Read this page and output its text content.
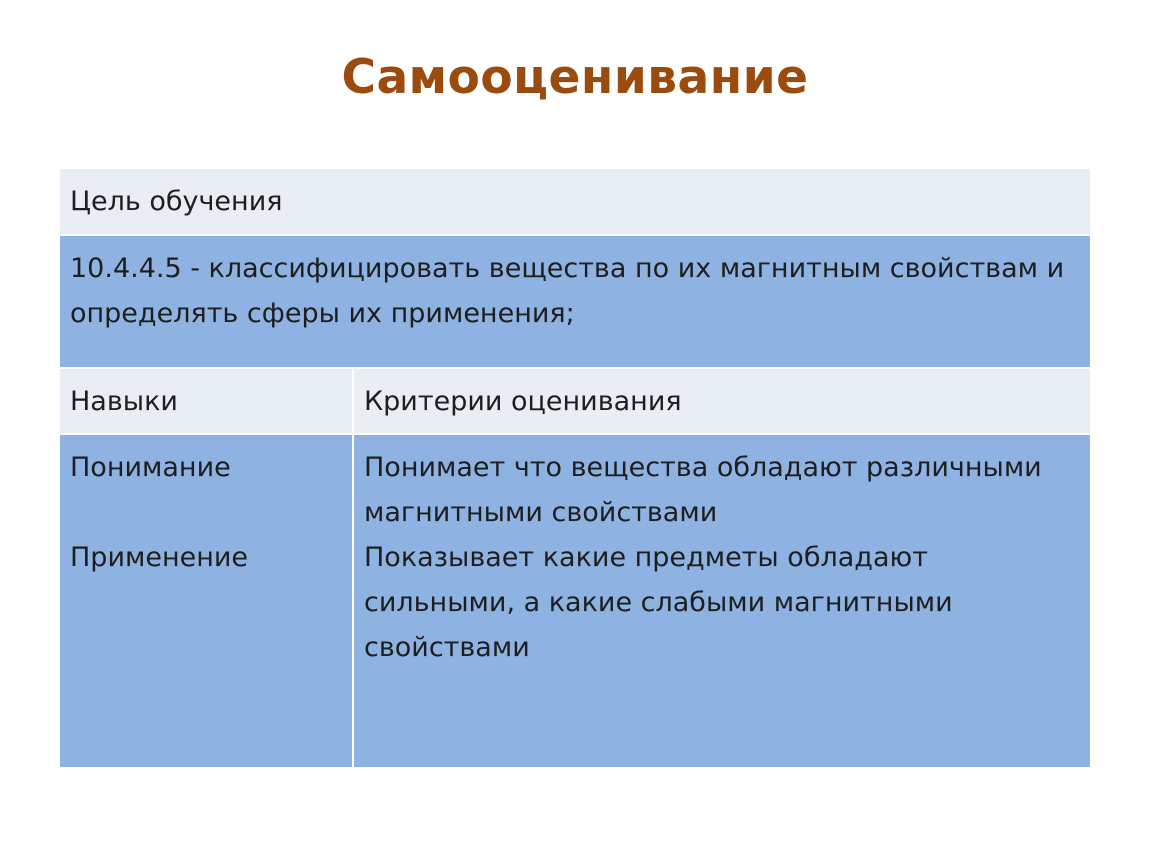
Самооценивание
Цель обучения
10.4.4.5 - классифицировать вещества по их магнитным свойствам и определять сферы их применения;
Навыки	Критерии оценивания
Понимание
Применение
Понимает что вещества обладают различными магнитными свойствами
Показывает какие предметы обладают сильными, а какие слабыми магнитными свойствами
